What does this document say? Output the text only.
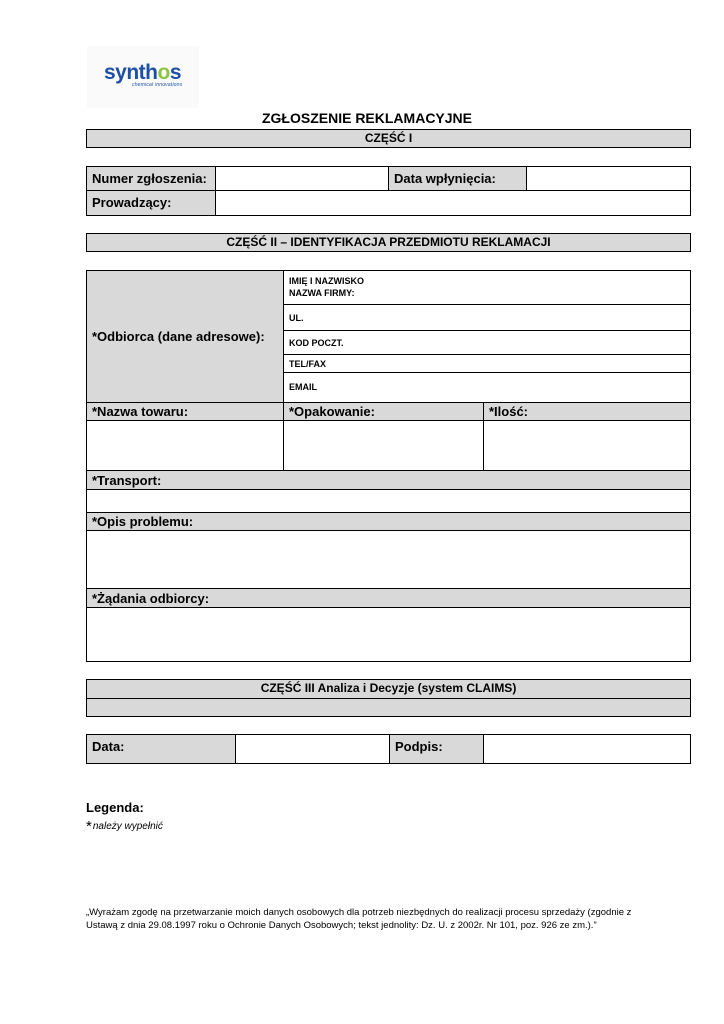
synthos
chemical innovations
ZGŁOSZENIE REKLAMACYJNE
CZĘŚĆ I
Numer zgłoszenia:	Data wpłynięcia:
Prowadzący:
CZĘŚĆ II – IDENTYFIKACJA PRZEDMIOTU REKLAMACJI
*Odbiorca (dane adresowe):
IMIĘ I NAZWISKO
NAZWA FIRMY:
UL.
KOD POCZT.
TEL/FAX
EMAIL
*Nazwa towaru:	*Opakowanie:	*Ilość:
*Transport:
*Opis problemu:
*Żądania odbiorcy:
CZĘŚĆ III Analiza i Decyzje (system CLAIMS)
Data:	Podpis:
Legenda:
*należy wypełnić
„Wyrażam zgodę na przetwarzanie moich danych osobowych dla potrzeb niezbędnych do realizacji procesu sprzedaży (zgodnie z Ustawą z dnia 29.08.1997 roku o Ochronie Danych Osobowych; tekst jednolity: Dz. U. z 2002r. Nr 101, poz. 926 ze zm.).”
